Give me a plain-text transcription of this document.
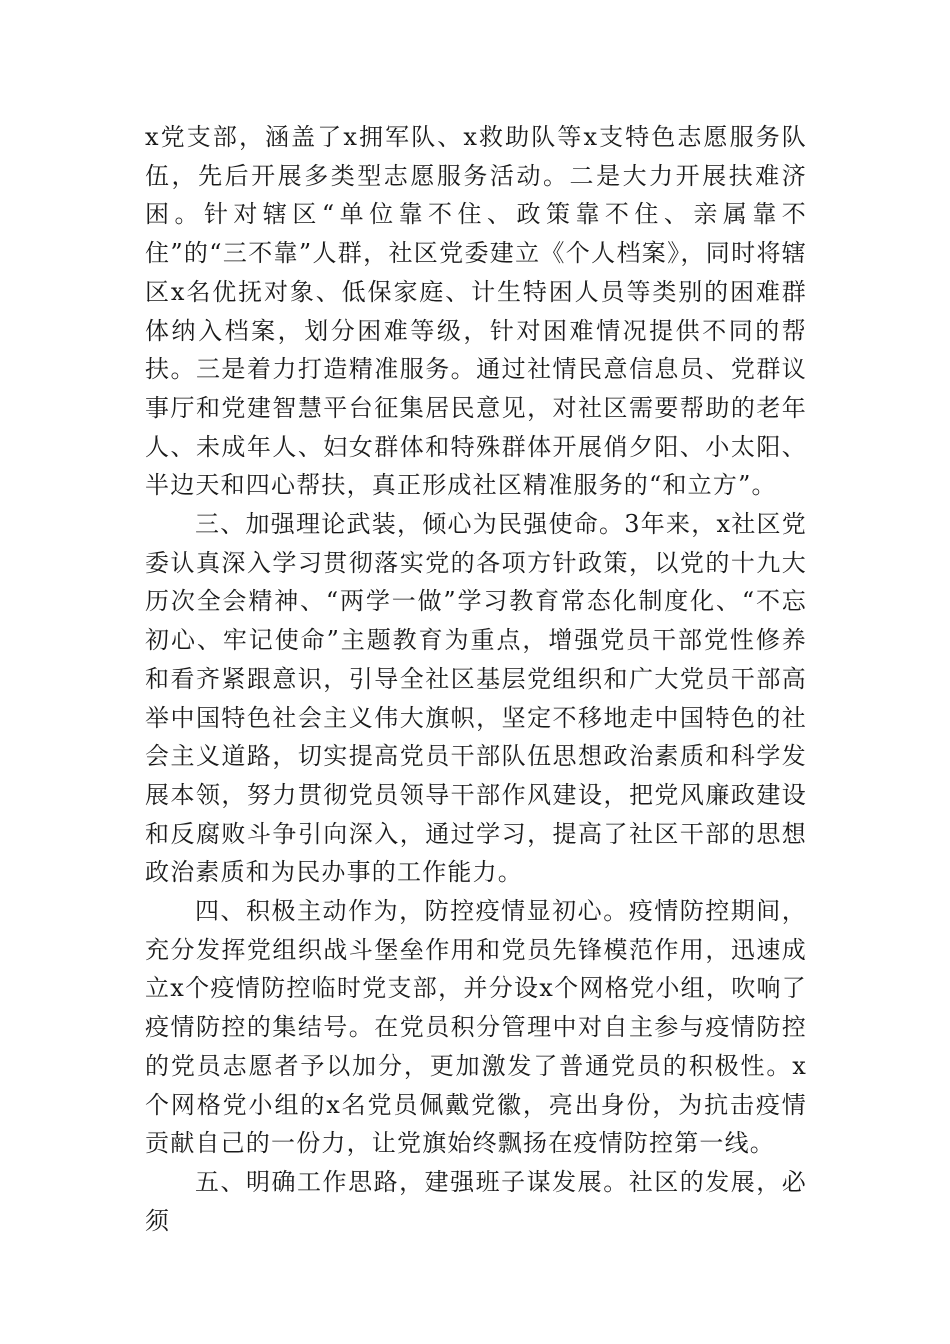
x党支部，涵盖了x拥军队、x救助队等x支特色志愿服务队伍，先后开展多类型志愿服务活动。二是大力开展扶难济困。针对辖区“单位靠不住、政策靠不住、亲属靠不住”的“三不靠”人群，社区党委建立《个人档案》，同时将辖区x名优抚对象、低保家庭、计生特困人员等类别的困难群体纳入档案，划分困难等级，针对困难情况提供不同的帮扶。三是着力打造精准服务。通过社情民意信息员、党群议事厅和党建智慧平台征集居民意见，对社区需要帮助的老年人、未成年人、妇女群体和特殊群体开展俏夕阳、小太阳、半边天和四心帮扶，真正形成社区精准服务的“和立方”。

三、加强理论武装，倾心为民强使命。3年来，x社区党委认真深入学习贯彻落实党的各项方针政策，以党的十九大历次全会精神、“两学一做”学习教育常态化制度化、“不忘初心、牢记使命”主题教育为重点，增强党员干部党性修养和看齐紧跟意识，引导全社区基层党组织和广大党员干部高举中国特色社会主义伟大旗帜，坚定不移地走中国特色的社会主义道路，切实提高党员干部队伍思想政治素质和科学发展本领，努力贯彻党员领导干部作风建设，把党风廉政建设和反腐败斗争引向深入，通过学习，提高了社区干部的思想政治素质和为民办事的工作能力。

四、积极主动作为，防控疫情显初心。疫情防控期间，充分发挥党组织战斗堡垒作用和党员先锋模范作用，迅速成立x个疫情防控临时党支部，并分设x个网格党小组，吹响了疫情防控的集结号。在党员积分管理中对自主参与疫情防控的党员志愿者予以加分，更加激发了普通党员的积极性。x个网格党小组的x名党员佩戴党徽，亮出身份，为抗击疫情贡献自己的一份力，让党旗始终飘扬在疫情防控第一线。

五、明确工作思路，建强班子谋发展。社区的发展，必须
